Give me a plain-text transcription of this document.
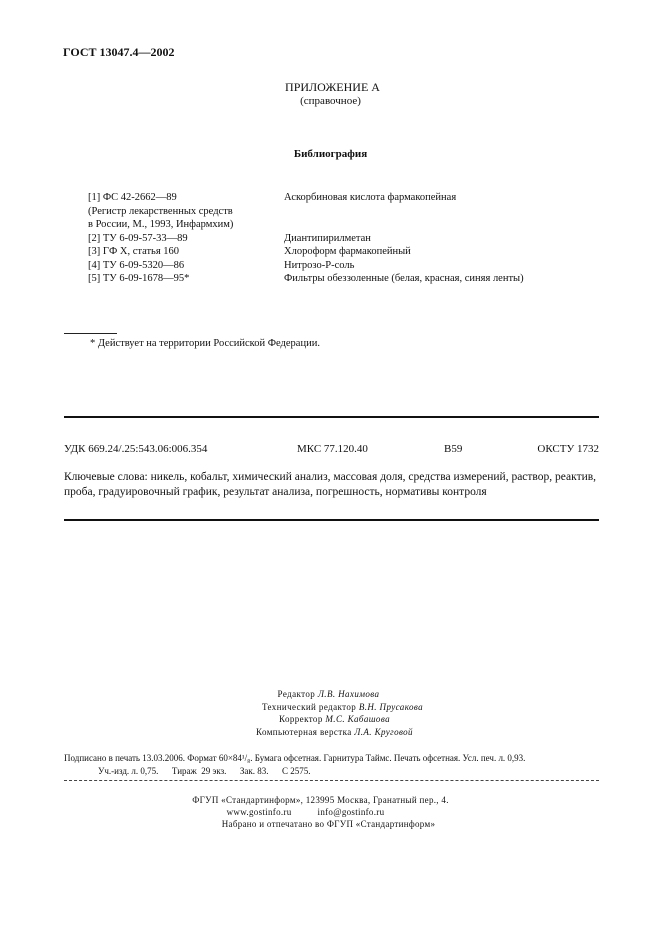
ГОСТ 13047.4—2002
ПРИЛОЖЕНИЕ А
(справочное)
Библиография
[1] ФС 42-2662—89	Аскорбиновая кислота фармакопейная
(Регистр лекарственных средств
в России, М., 1993, Инфармхим)
[2] ТУ 6-09-57-33—89	Диантипирилметан
[3] ГФ Х, статья 160	Хлороформ фармакопейный
[4] ТУ 6-09-5320—86	Нитрозо-Р-соль
[5] ТУ 6-09-1678—95*	Фильтры обеззоленные (белая, красная, синяя ленты)
* Действует на территории Российской Федерации.
УДК 669.24/.25:543.06:006.354	МКС 77.120.40	В59	ОКСТУ 1732
Ключевые слова: никель, кобальт, химический анализ, массовая доля, средства измерений, раствор, реактив, проба, градуировочный график, результат анализа, погрешность, нормативы контроля
Редактор Л.В. Нахимова
Технический редактор В.Н. Прусакова
Корректор М.С. Кабашова
Компьютерная верстка Л.А. Круговой
Подписано в печать 13.03.2006. Формат 60×84¹/₈. Бумага офсетная. Гарнитура Таймс. Печать офсетная. Усл. печ. л. 0,93.
Уч.-изд. л. 0,75.      Тираж  29 экз.      Зак. 83.      С 2575.
ФГУП «Стандартинформ», 123995 Москва, Гранатный пер., 4.
www.gostinfo.ru	info@gostinfo.ru
Набрано и отпечатано во ФГУП «Стандартинформ»
